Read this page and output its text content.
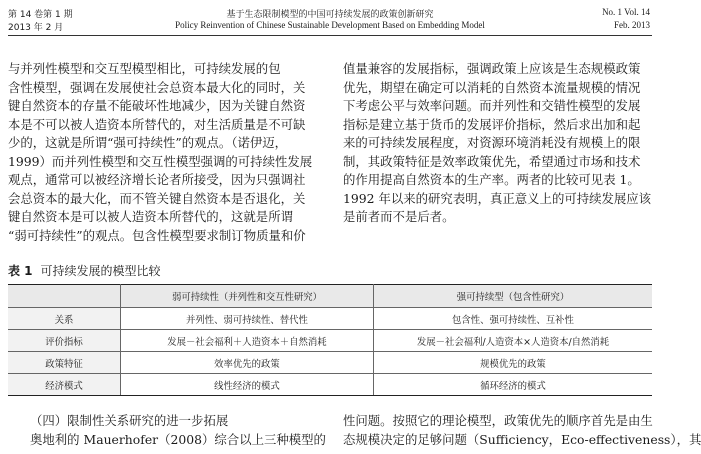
第 14 卷第 1 期
2013 年 2 月
基于生态限制模型的中国可持续发展的政策创新研究
Policy Reinvention of Chinese Sustainable Development Based on Embedding Model
No. 1 Vol. 14
Feb. 2013
与并列性模型和交互型模型相比，可持续发展的包
含性模型，强调在发展使社会总资本最大化的同时，关
键自然资本的存量不能破坏性地减少，因为关键自然资
本是不可以被人造资本所替代的，对生活质量是不可缺
少的，这就是所谓“强可持续性”的观点。（诺伊迈，
1999）而并列性模型和交互性模型强调的可持续性发展
观点，通常可以被经济增长论者所接受，因为只强调社
会总资本的最大化，而不管关键自然资本是否退化，关
键自然资本是可以被人造资本所替代的，这就是所谓
“弱可持续性”的观点。包含性模型要求制订物质量和价
值量兼容的发展指标，强调政策上应该是生态规模政策
优先，期望在确定可以消耗的自然资本流量规模的情况
下考虑公平与效率问题。而并列性和交错性模型的发展
指标是建立基于货币的发展评价指标，然后求出加和起
来的可持续发展程度，对资源环境消耗没有规模上的限
制，其政策特征是效率政策优先，希望通过市场和技术
的作用提高自然资本的生产率。两者的比较可见表 1。
1992 年以来的研究表明，真正意义上的可持续发展应该
是前者而不是后者。
表 1 可持续发展的模型比较
	弱可持续性（并列性和交互性研究）	强可持续型（包含性研究）
关系	并列性、弱可持续性、替代性	包含性、强可持续性、互补性
评价指标	发展－社会福利＋人造资本＋自然消耗	发展－社会福利/人造资本×人造资本/自然消耗
政策特征	效率优先的政策	规模优先的政策
经济模式	线性经济的模式	循环经济的模式
（四）限制性关系研究的进一步拓展
奥地利的 Mauerhofer（2008）综合以上三种模型的
性问题。按照它的理论模型，政策优先的顺序首先是由生
态规模决定的足够问题（Sufficiency，Eco-effectiveness），其
